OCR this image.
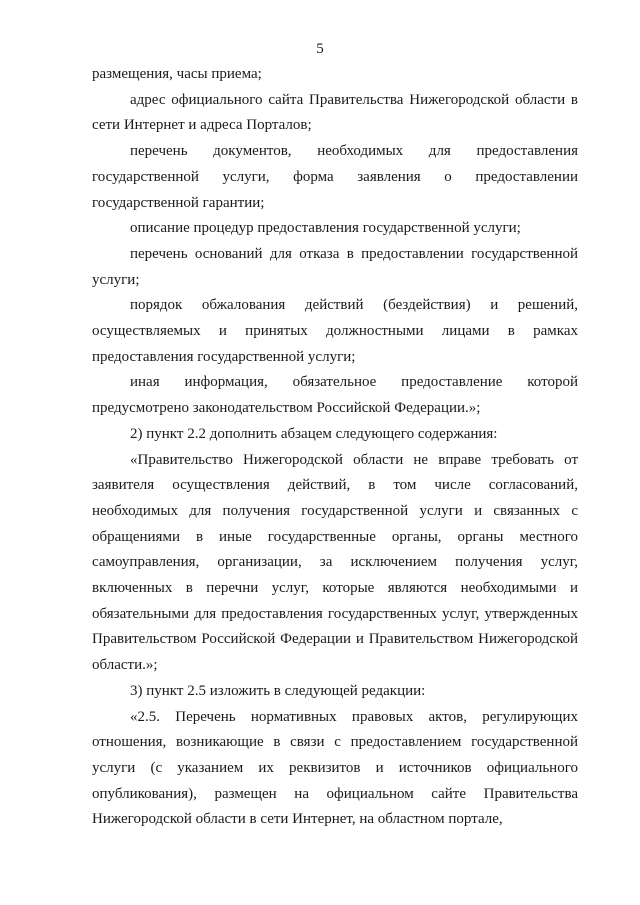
5

размещения, часы приема;

адрес официального сайта Правительства Нижегородской области в сети Интернет и адреса Порталов;

перечень документов, необходимых для предоставления государственной услуги, форма заявления о предоставлении государственной гарантии;

описание процедур предоставления государственной услуги;

перечень оснований для отказа в предоставлении государственной услуги;

порядок обжалования действий (бездействия) и решений, осуществляемых и принятых должностными лицами в рамках предоставления государственной услуги;

иная информация, обязательное предоставление которой предусмотрено законодательством Российской Федерации.»;

2) пункт 2.2 дополнить абзацем следующего содержания:

«Правительство Нижегородской области не вправе требовать от заявителя осуществления действий, в том числе согласований, необходимых для получения государственной услуги и связанных с обращениями в иные государственные органы, органы местного самоуправления, организации, за исключением получения услуг, включенных в перечни услуг, которые являются необходимыми и обязательными для предоставления государственных услуг, утвержденных Правительством Российской Федерации и Правительством Нижегородской области.»;

3) пункт 2.5 изложить в следующей редакции:

«2.5. Перечень нормативных правовых актов, регулирующих отношения, возникающие в связи с предоставлением государственной услуги (с указанием их реквизитов и источников официального опубликования), размещен на официальном сайте Правительства Нижегородской области в сети Интернет, на областном портале,
